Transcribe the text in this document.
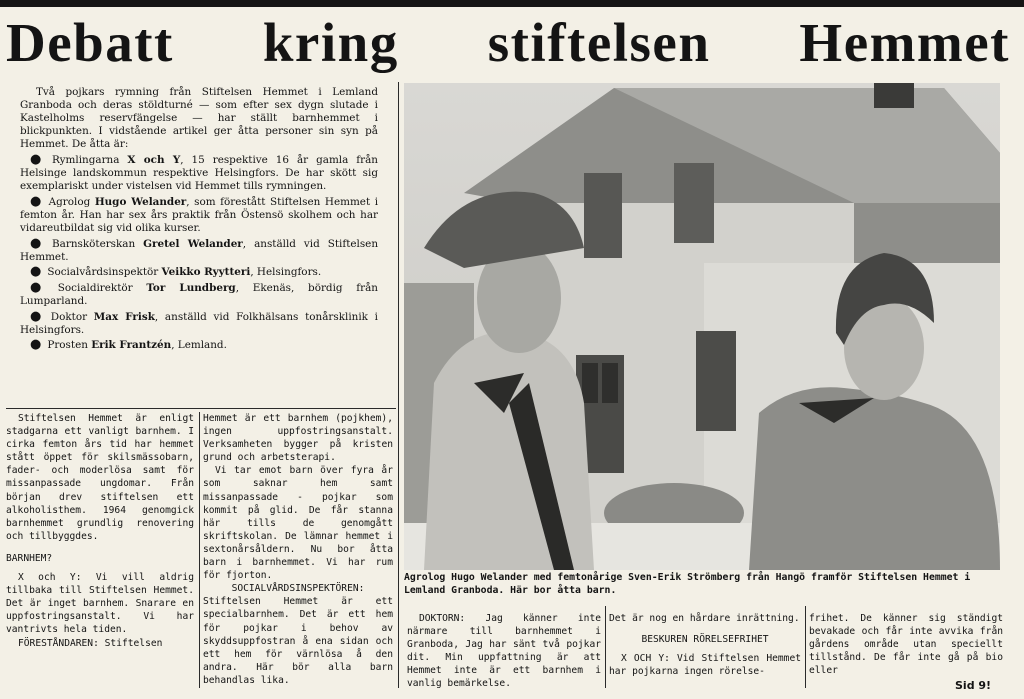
Debatt kring stiftelsen Hemmet

Två pojkars rymning från Stiftelsen Hemmet i Lemland Granboda och deras stöldturné — som efter sex dygn slutade i Kastelholms reservfängelse — har ställt barnhemmet i blickpunkten. I vidstående artikel ger åtta personer sin syn på Hemmet. De åtta är:

● Rymlingarna X och Y, 15 respektive 16 år gamla från Helsinge landskommun respektive Helsingfors. De har skött sig exemplariskt under vistelsen vid Hemmet tills rymningen.

● Agrolog Hugo Welander, som förestått Stiftelsen Hemmet i femton år. Han har sex års praktik från Östensö skolhem och har vidareutbildat sig vid olika kurser.

● Barnsköterskan Gretel Welander, anställd vid Stiftelsen Hemmet.

● Socialvårdsinspektör Veikko Ryytteri, Helsingfors.

● Socialdirektör Tor Lundberg, Ekenäs, bördig från Lumparland.

● Doktor Max Frisk, anställd vid Folkhälsans tonårsklinik i Helsingfors.

● Prosten Erik Frantzén, Lemland.

Stiftelsen Hemmet är enligt stadgarna ett vanligt barnhem. I cirka femton års tid har hemmet stått öppet för skilsmässobarn, fader- och moderlösa samt för missanpassade ungdomar. Från början drev stiftelsen ett alkoholisthem. 1964 genomgick barnhemmet grundlig renovering och tillbyggdes.

BARNHEM?

X och Y: Vi vill aldrig tillbaka till Stiftelsen Hemmet. Det är inget barnhem. Snarare en uppfostringsanstalt. Vi har vantrivts hela tiden.

FÖRESTÅNDAREN: Stiftelsen

Hemmet är ett barnhem (pojkhem), ingen uppfostringsanstalt. Verksamheten bygger på kristen grund och arbetsterapi.

Vi tar emot barn över fyra år som saknar hem samt missanpassade - pojkar som kommit på glid. De får stanna här tills de genomgått skriftskolan. De lämnar hemmet i sextonårsåldern. Nu bor åtta barn i barnhemmet. Vi har rum för fjorton.

SOCIALVÅRDSINSPEKTÖREN:

Stiftelsen Hemmet är ett specialbarnhem. Det är ett hem för pojkar i behov av skyddsuppfostran å ena sidan och ett hem för värnlösa å den andra. Här bör alla barn behandlas lika.

Agrolog Hugo Welander med femtonårige Sven-Erik Strömberg från Hangö framför Stiftelsen Hemmet i Lemland Granboda. Här bor åtta barn.

DOKTORN: Jag känner inte närmare till barnhemmet i Granboda, Jag har sänt två pojkar dit. Min uppfattning är att Hemmet inte är ett barnhem i vanlig bemärkelse.

Det är nog en hårdare inrättning.

BESKUREN RÖRELSEFRIHET

X OCH Y: Vid Stiftelsen Hemmet har pojkarna ingen rörelse-

frihet. De känner sig ständigt bevakade och får inte avvika från gårdens område utan speciellt tillstånd. De får inte gå på bio eller

Sid 9!
